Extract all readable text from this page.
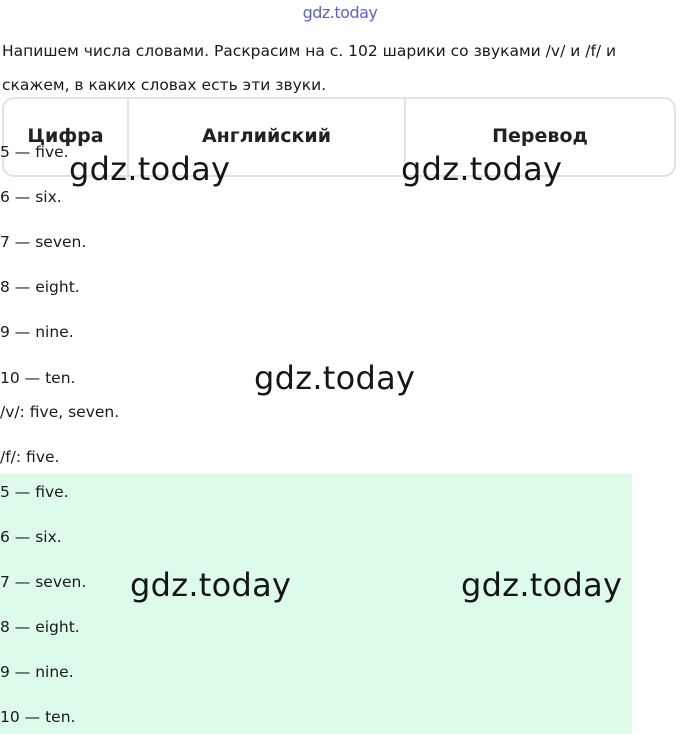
gdz.today
Напишем числа словами. Раскрасим на с. 102 шарики со звуками /v/ и /f/ и скажем, в каких словах есть эти звуки.
Цифра	Английский	Перевод
5 — five.
6 — six.
7 — seven.
8 — eight.
9 — nine.
10 — ten.
/v/: five, seven.
/f/: five.
5 — five.
6 — six.
7 — seven.
8 — eight.
9 — nine.
10 — ten.
gdz.today	gdz.today
gdz.today
gdz.today	gdz.today
